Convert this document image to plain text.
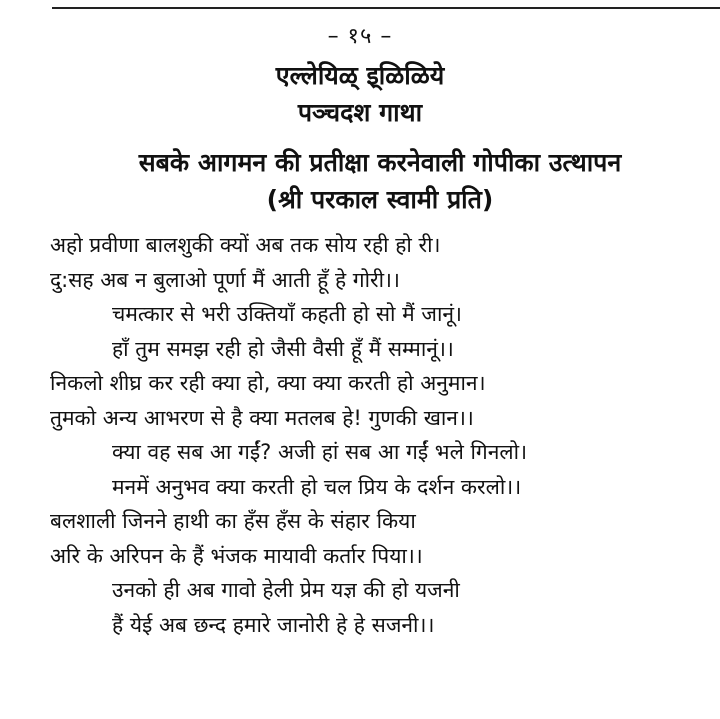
– १५ –
एल्लेयिळ् इ्ळिळिये
पञ्चदश गाथा
सबके आगमन की प्रतीक्षा करनेवाली गोपीका उत्थापन
(श्री परकाल स्वामी प्रति)
अहो प्रवीणा बालशुकी क्यों अब तक सोय रही हो री।
दु:सह अब न बुलाओ पूर्णा मैं आती हूँ हे गोरी।।
चमत्कार से भरी उक्तियाँ कहती हो सो मैं जानूं।
हाँ तुम समझ रही हो जैसी वैसी हूँ मैं सम्मानूं।।
निकलो शीघ्र कर रही क्या हो, क्या क्या करती हो अनुमान।
तुमको अन्य आभरण से है क्या मतलब हे! गुणकी खान।।
क्या वह सब आ गईं? अजी हां सब आ गईं भले गिनलो।
मनमें अनुभव क्या करती हो चल प्रिय के दर्शन करलो।।
बलशाली जिनने हाथी का हँस हँस के संहार किया
अरि के अरिपन के हैं भंजक मायावी कर्तार पिया।।
उनको ही अब गावो हेली प्रेम यज्ञ की हो यजनी
हैं येई अब छन्द हमारे जानोरी हे हे सजनी।।
